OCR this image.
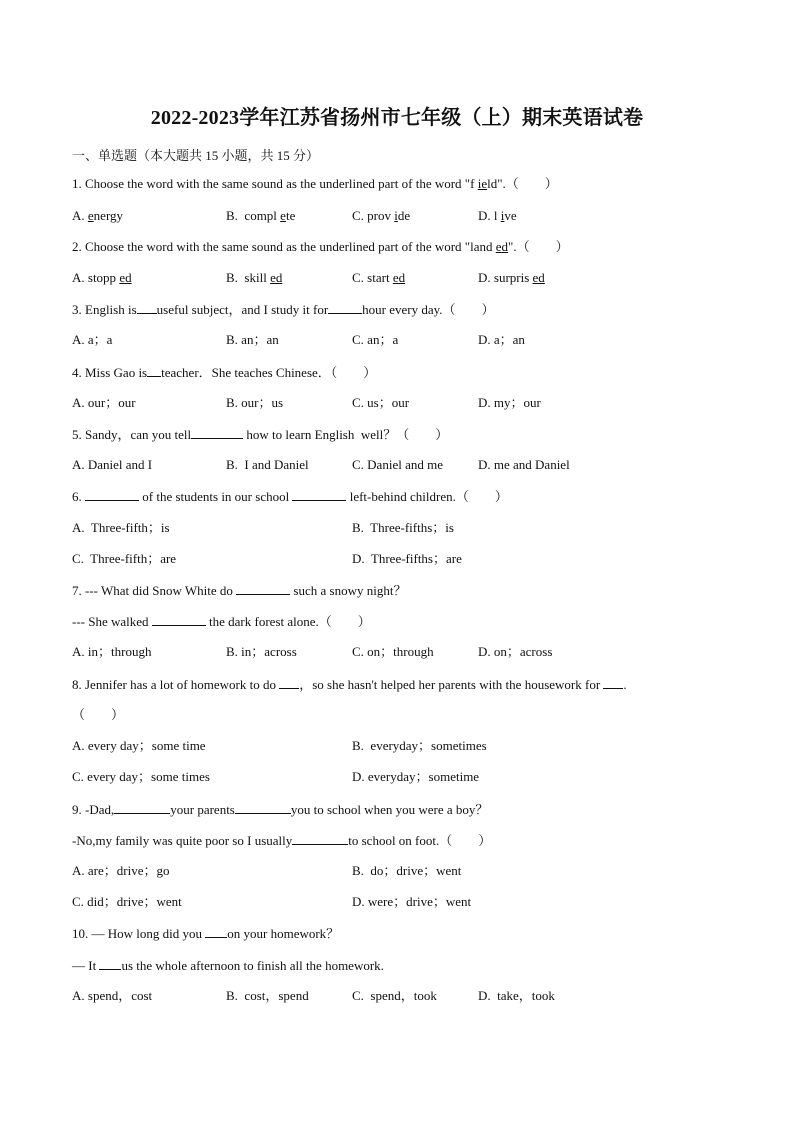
2022-2023学年江苏省扬州市七年级（上）期末英语试卷
一、单选题（本大题共 15 小题，共 15 分）
1. Choose the word with the same sound as the underlined part of the word "f ield".（　　）
A. energy	B.  compl ete	C. prov ide	D. l ive
2. Choose the word with the same sound as the underlined part of the word "land ed".（　　）
A. stopp ed	B.  skill ed	C. start ed	D. surpris ed
3. English is useful subject，and I study it for	hour every day.（　　）
A. a；a	B. an；an	C. an；a	D. a；an
4. Miss Gao is teacher．She teaches Chinese．（　　）
A. our；our	B. our；us	C. us；our	D. my；our
5. Sandy，can you tell	how to learn English  well？（　　）
A. Daniel and I	B.  I and Daniel	C. Daniel and me	D. me and Daniel
6.	of the students in our school	left-behind children.（　　）
A.  Three-fifth；is	B.  Three-fifths；is
C.  Three-fifth；are	D.  Three-fifths；are
7. --- What did Snow White do	such a snowy night？
--- She walked	the dark forest alone.（　　）
A. in；through	B. in；across	C. on；through	D. on；across
8. Jennifer has a lot of homework to do ，so she hasn't helped her parents with the housework for .
（　　）
A. every day；some time	B.  everyday；sometimes
C. every day；some times	D. everyday；sometime
9. -Dad,	your parents	you to school when you were a boy？
-No,my family was quite poor so I usually	to school on foot.（　　）
A. are；drive；go	B.  do；drive；went
C. did；drive；went	D. were；drive；went
10. — How long did you on your homework？
— It us the whole afternoon to finish all the homework.
A. spend，cost	B.  cost，spend	C.  spend，took	D.  take，took
